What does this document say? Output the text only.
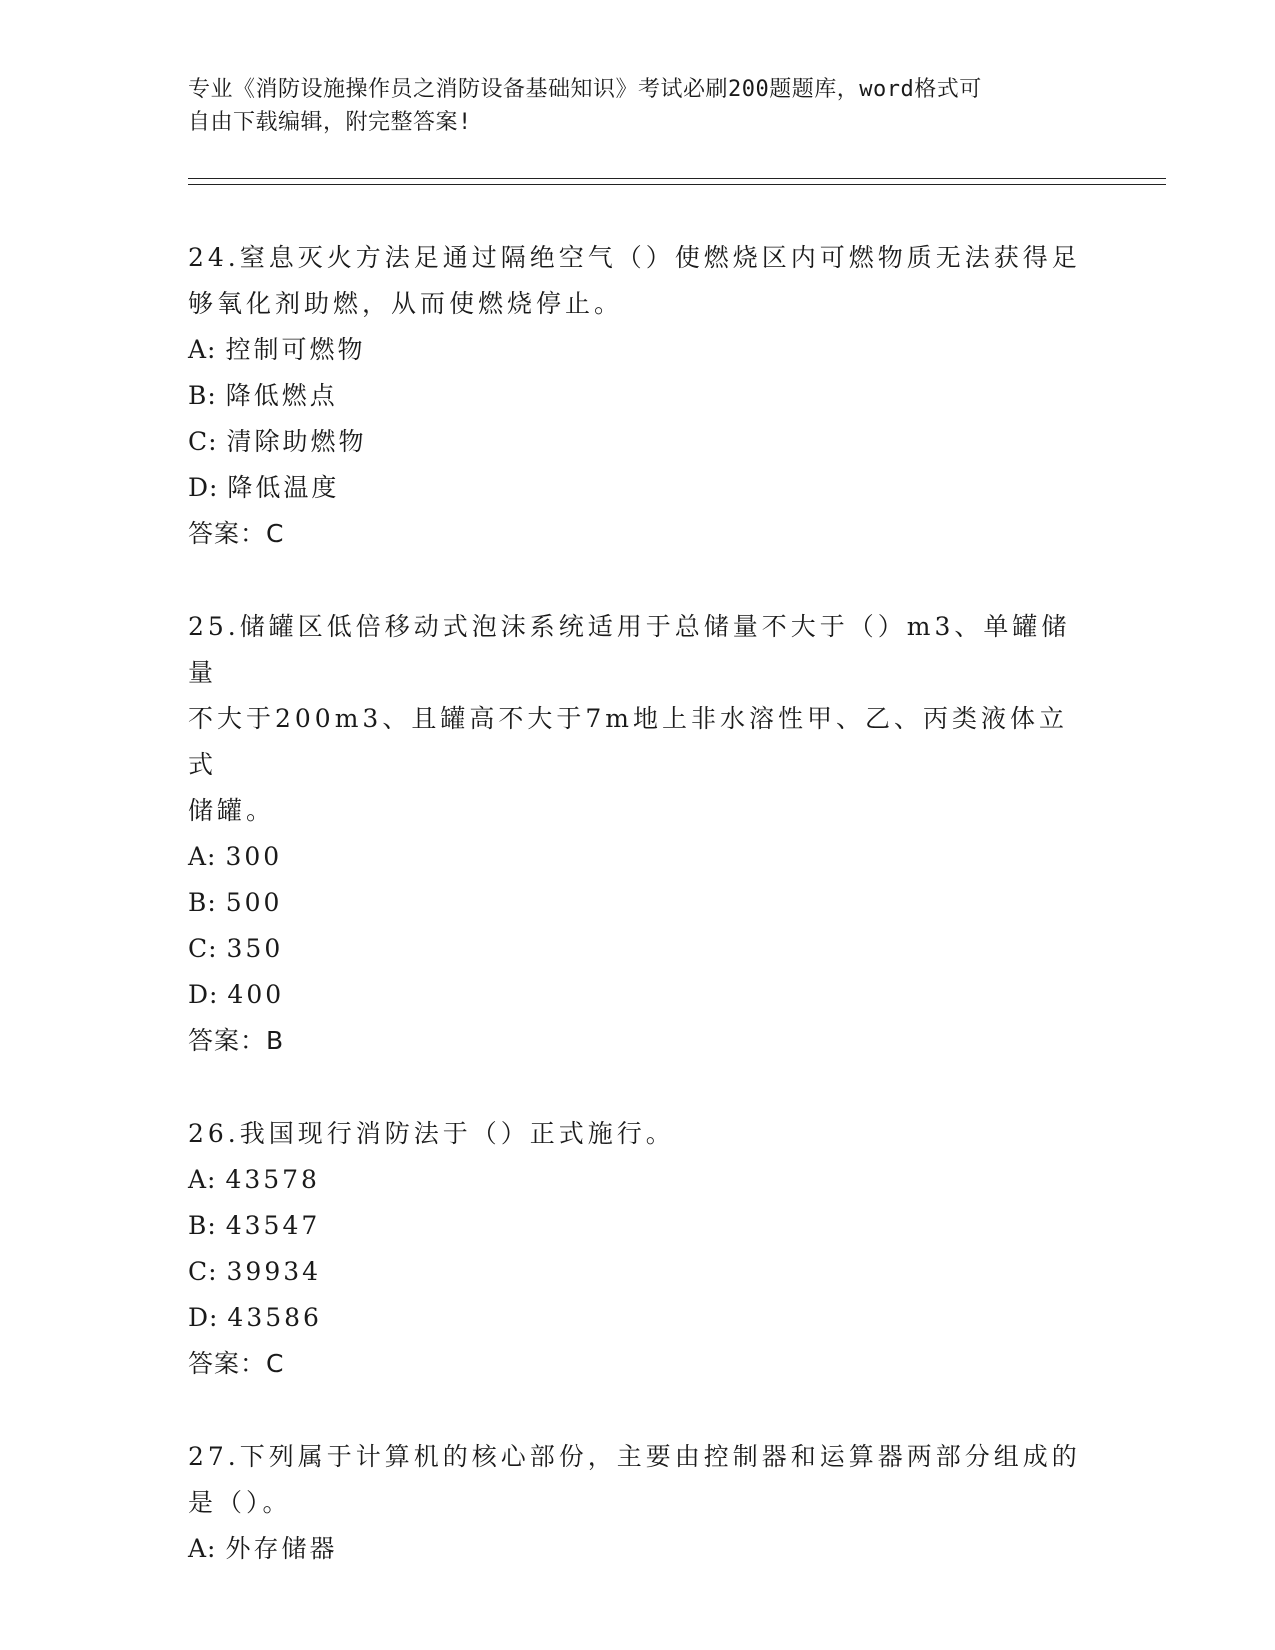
专业《消防设施操作员之消防设备基础知识》考试必刷200题题库，word格式可
自由下载编辑，附完整答案!
24.窒息灭火方法足通过隔绝空气（）使燃烧区内可燃物质无法获得足
够氧化剂助燃，从而使燃烧停止。
A: 控制可燃物
B: 降低燃点
C: 清除助燃物
D: 降低温度
答案：C
25.储罐区低倍移动式泡沫系统适用于总储量不大于（）m3、单罐储量
不大于200m3、且罐高不大于7m地上非水溶性甲、乙、丙类液体立式
储罐。
A: 300
B: 500
C: 350
D: 400
答案：B
26.我国现行消防法于（）正式施行。
A: 43578
B: 43547
C: 39934
D: 43586
答案：C
27.下列属于计算机的核心部份，主要由控制器和运算器两部分组成的
是（）。
A: 外存储器
